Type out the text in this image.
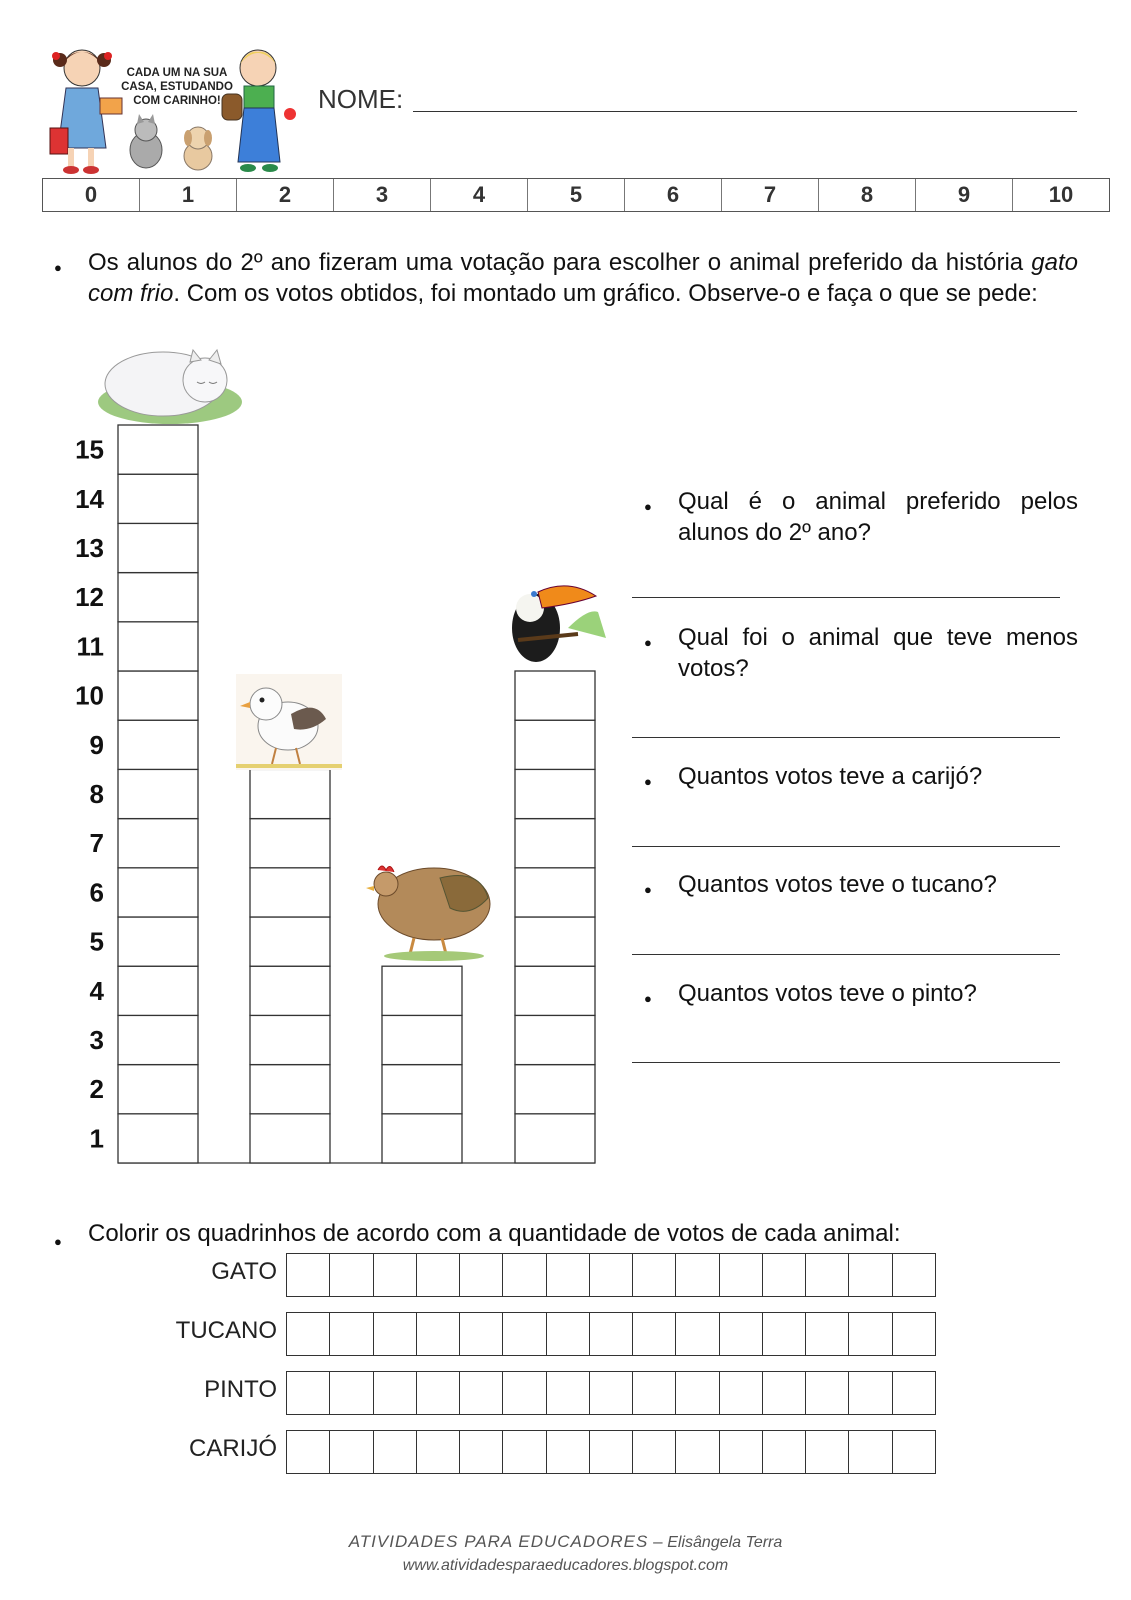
CADA UM NA SUA
CASA, ESTUDANDO
COM CARINHO!	NOME:
0	1	2	3	4	5	6	7	8	9	10
● Os alunos do 2º ano fizeram uma votação para escolher o animal preferido da história gato com frio. Com os votos obtidos, foi montado um gráfico. Observe-o e faça o que se pede:
1
2
3
4
5
6
7
8
9
10
11
12
13
14
15
● Qual é o animal preferido pelos alunos do 2º ano?
● Qual foi o animal que teve menos votos?
● Quantos votos teve a carijó?
● Quantos votos teve o tucano?
● Quantos votos teve o pinto?
● Colorir os quadrinhos de acordo com a quantidade de votos de cada animal:
GATO
TUCANO
PINTO
CARIJÓ
ATIVIDADES PARA EDUCADORES – Elisângela Terra
www.atividadesparaeducadores.blogspot.com
